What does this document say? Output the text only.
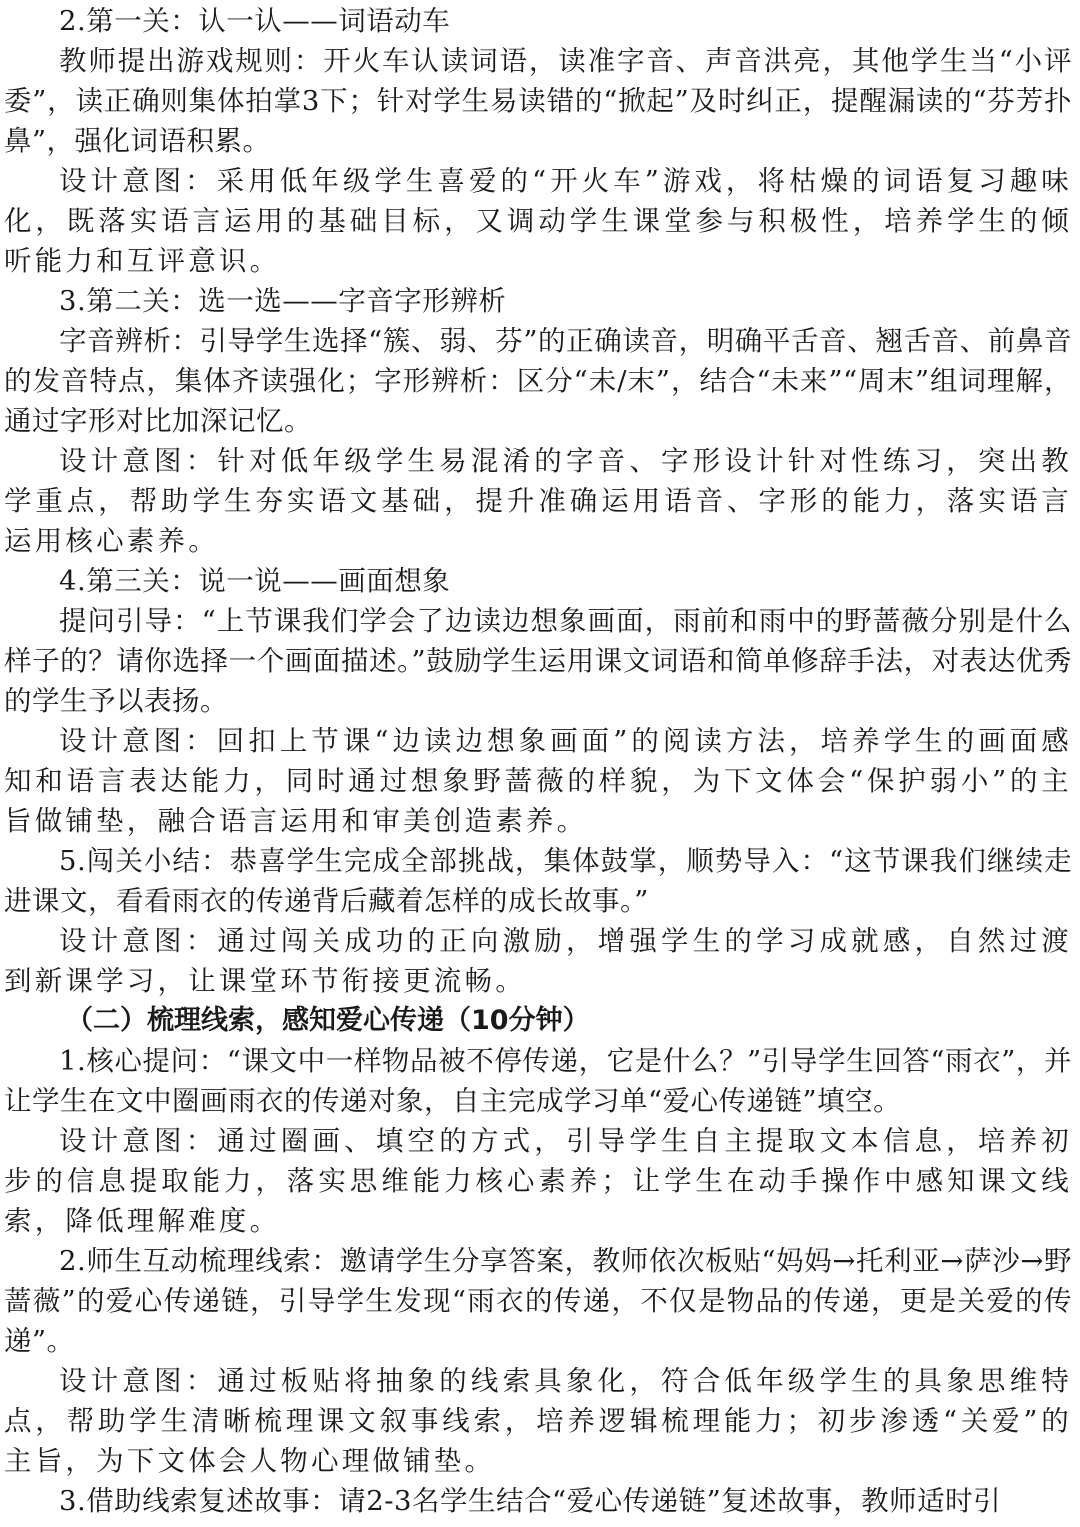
2.第一关：认一认——词语动车

教师提出游戏规则：开火车认读词语，读准字音、声音洪亮，其他学生当“小评委”，读正确则集体拍掌3下；针对学生易读错的“掀起”及时纠正，提醒漏读的“芬芳扑鼻”，强化词语积累。

设计意图：采用低年级学生喜爱的“开火车”游戏，将枯燥的词语复习趣味化，既落实语言运用的基础目标，又调动学生课堂参与积极性，培养学生的倾听能力和互评意识。

3.第二关：选一选——字音字形辨析

字音辨析：引导学生选择“簇、弱、芬”的正确读音，明确平舌音、翘舌音、前鼻音的发音特点，集体齐读强化；字形辨析：区分“未/末”，结合“未来”“周末”组词理解，通过字形对比加深记忆。

设计意图：针对低年级学生易混淆的字音、字形设计针对性练习，突出教学重点，帮助学生夯实语文基础，提升准确运用语音、字形的能力，落实语言运用核心素养。

4.第三关：说一说——画面想象

提问引导：“上节课我们学会了边读边想象画面，雨前和雨中的野蔷薇分别是什么样子的？请你选择一个画面描述。”鼓励学生运用课文词语和简单修辞手法，对表达优秀的学生予以表扬。

设计意图：回扣上节课“边读边想象画面”的阅读方法，培养学生的画面感知和语言表达能力，同时通过想象野蔷薇的样貌，为下文体会“保护弱小”的主旨做铺垫，融合语言运用和审美创造素养。

5.闯关小结：恭喜学生完成全部挑战，集体鼓掌，顺势导入：“这节课我们继续走进课文，看看雨衣的传递背后藏着怎样的成长故事。”

设计意图：通过闯关成功的正向激励，增强学生的学习成就感，自然过渡到新课学习，让课堂环节衔接更流畅。

（二）梳理线索，感知爱心传递（10分钟）

1.核心提问：“课文中一样物品被不停传递，它是什么？”引导学生回答“雨衣”，并让学生在文中圈画雨衣的传递对象，自主完成学习单“爱心传递链”填空。

设计意图：通过圈画、填空的方式，引导学生自主提取文本信息，培养初步的信息提取能力，落实思维能力核心素养；让学生在动手操作中感知课文线索，降低理解难度。

2.师生互动梳理线索：邀请学生分享答案，教师依次板贴“妈妈→托利亚→萨沙→野蔷薇”的爱心传递链，引导学生发现“雨衣的传递，不仅是物品的传递，更是关爱的传递”。

设计意图：通过板贴将抽象的线索具象化，符合低年级学生的具象思维特点，帮助学生清晰梳理课文叙事线索，培养逻辑梳理能力；初步渗透“关爱”的主旨，为下文体会人物心理做铺垫。

3.借助线索复述故事：请2-3名学生结合“爱心传递链”复述故事，教师适时引
